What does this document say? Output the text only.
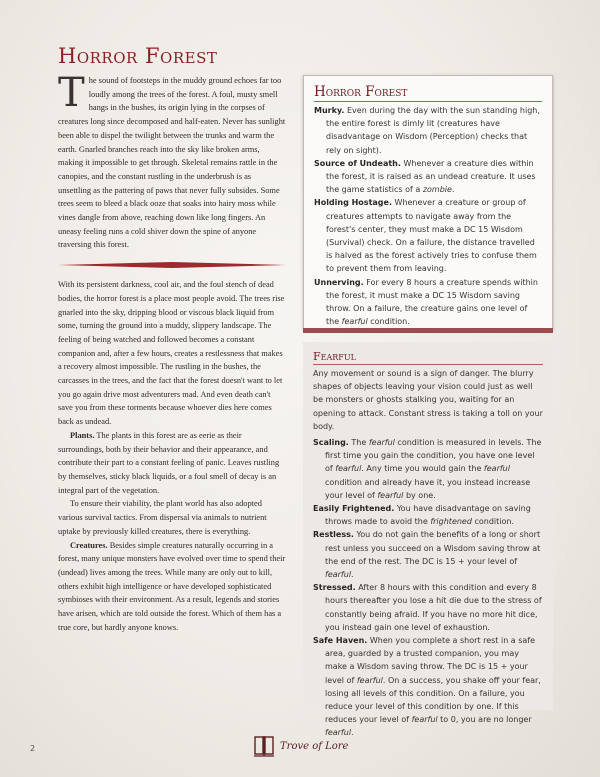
Horror Forest

The sound of footsteps in the muddy ground echoes far too loudly among the trees of the forest. A foul, musty smell hangs in the bushes, its origin lying in the corpses of creatures long since decomposed and half-eaten. Never has sunlight been able to dispel the twilight between the trunks and warm the earth. Gnarled branches reach into the sky like broken arms, making it impossible to get through. Skeletal remains rattle in the canopies, and the constant rustling in the underbrush is as unsettling as the pattering of paws that never fully subsides. Some trees seem to bleed a black ooze that soaks into hairy moss while vines dangle from above, reaching down like long fingers. An uneasy feeling runs a cold shiver down the spine of anyone traversing this forest.

With its persistent darkness, cool air, and the foul stench of dead bodies, the horror forest is a place most people avoid. The trees rise gnarled into the sky, dripping blood or viscous black liquid from some, turning the ground into a muddy, slippery landscape. The feeling of being watched and followed becomes a constant companion and, after a few hours, creates a restlessness that makes a recovery almost impossible. The rustling in the bushes, the carcasses in the trees, and the fact that the forest doesn't want to let you go again drive most adventurers mad. And even death can't save you from these torments because whoever dies here comes back as undead.

Plants. The plants in this forest are as eerie as their surroundings, both by their behavior and their appearance, and contribute their part to a constant feeling of panic. Leaves rustling by themselves, sticky black liquids, or a foul smell of decay is an integral part of the vegetation.

To ensure their viability, the plant world has also adopted various survival tactics. From dispersal via animals to nutrient uptake by previously killed creatures, there is everything.

Creatures. Besides simple creatures naturally occurring in a forest, many unique monsters have evolved over time to spend their (undead) lives among the trees. While many are only out to kill, others exhibit high intelligence or have developed sophisticated symbioses with their environment. As a result, legends and stories have arisen, which are told outside the forest. Which of them has a true core, but hardly anyone knows.

Horror Forest

Murky. Even during the day with the sun standing high, the entire forest is dimly lit (creatures have disadvantage on Wisdom (Perception) checks that rely on sight).

Source of Undeath. Whenever a creature dies within the forest, it is raised as an undead creature. It uses the game statistics of a zombie.

Holding Hostage. Whenever a creature or group of creatures attempts to navigate away from the forest's center, they must make a DC 15 Wisdom (Survival) check. On a failure, the distance travelled is halved as the forest actively tries to confuse them to prevent them from leaving.

Unnerving. For every 8 hours a creature spends within the forest, it must make a DC 15 Wisdom saving throw. On a failure, the creature gains one level of the fearful condition.

Fearful

Any movement or sound is a sign of danger. The blurry shapes of objects leaving your vision could just as well be monsters or ghosts stalking you, waiting for an opening to attack. Constant stress is taking a toll on your body.

Scaling. The fearful condition is measured in levels. The first time you gain the condition, you have one level of fearful. Any time you would gain the fearful condition and already have it, you instead increase your level of fearful by one.

Easily Frightened. You have disadvantage on saving throws made to avoid the frightened condition.

Restless. You do not gain the benefits of a long or short rest unless you succeed on a Wisdom saving throw at the end of the rest. The DC is 15 + your level of fearful.

Stressed. After 8 hours with this condition and every 8 hours thereafter you lose a hit die due to the stress of constantly being afraid. If you have no more hit dice, you instead gain one level of exhaustion.

Safe Haven. When you complete a short rest in a safe area, guarded by a trusted companion, you may make a Wisdom saving throw. The DC is 15 + your level of fearful. On a success, you shake off your fear, losing all levels of this condition. On a failure, you reduce your level of this condition by one. If this reduces your level of fearful to 0, you are no longer fearful.

2	Trove of Lore
